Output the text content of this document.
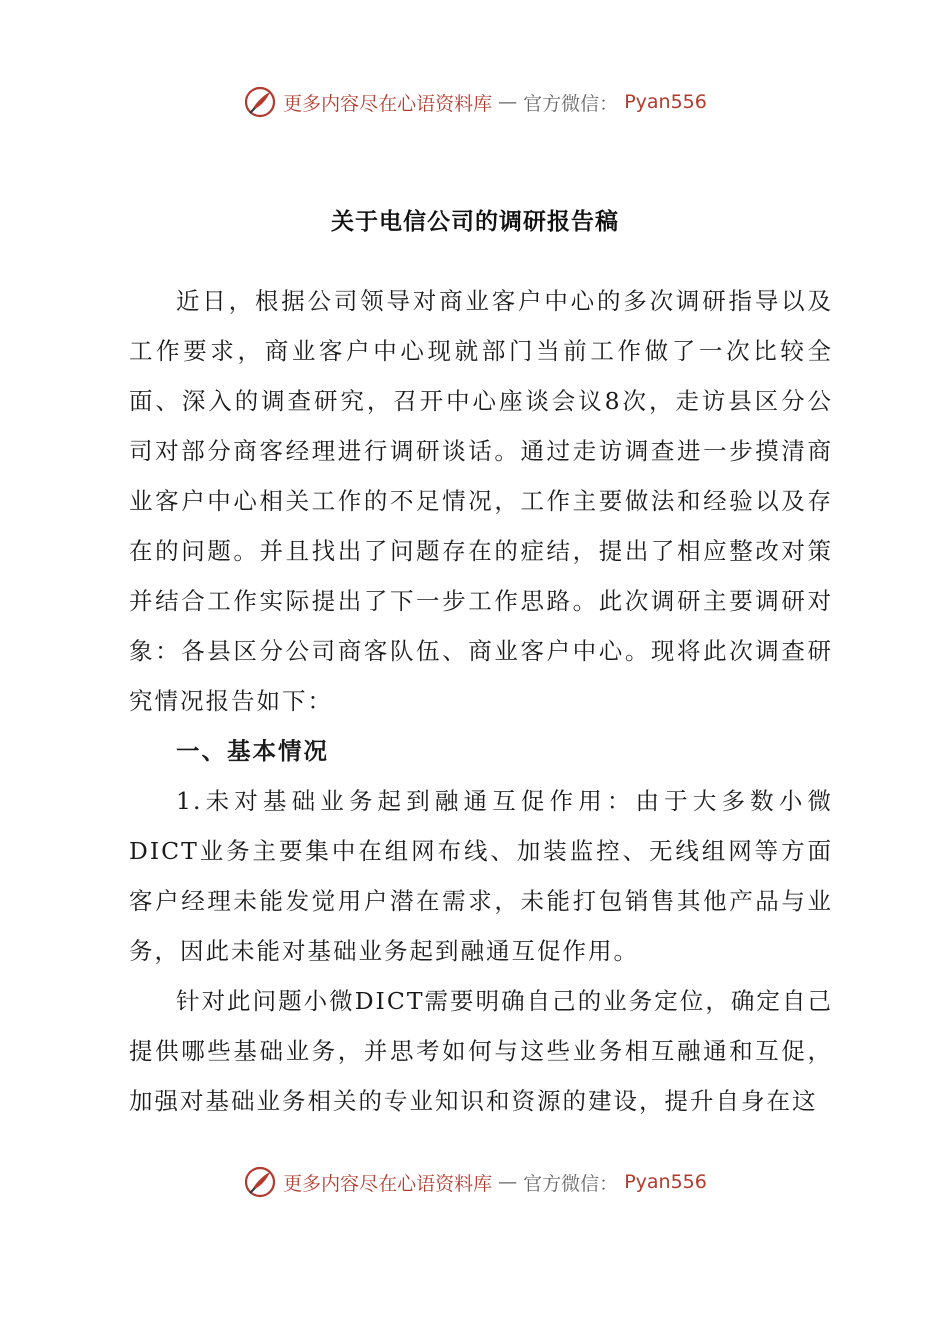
更多内容尽在心语资料库 — 官方微信： Pyan556
关于电信公司的调研报告稿

近日，根据公司领导对商业客户中心的多次调研指导以及工作要求，商业客户中心现就部门当前工作做了一次比较全面、深入的调查研究，召开中心座谈会议8次，走访县区分公司对部分商客经理进行调研谈话。通过走访调查进一步摸清商业客户中心相关工作的不足情况，工作主要做法和经验以及存在的问题。并且找出了问题存在的症结，提出了相应整改对策并结合工作实际提出了下一步工作思路。此次调研主要调研对象：各县区分公司商客队伍、商业客户中心。现将此次调查研究情况报告如下：

一、基本情况

1.未对基础业务起到融通互促作用：由于大多数小微DICT业务主要集中在组网布线、加装监控、无线组网等方面客户经理未能发觉用户潜在需求，未能打包销售其他产品与业务，因此未能对基础业务起到融通互促作用。

针对此问题小微DICT需要明确自己的业务定位，确定自己提供哪些基础业务，并思考如何与这些业务相互融通和互促，加强对基础业务相关的专业知识和资源的建设，提升自身在这

更多内容尽在心语资料库 — 官方微信： Pyan556
